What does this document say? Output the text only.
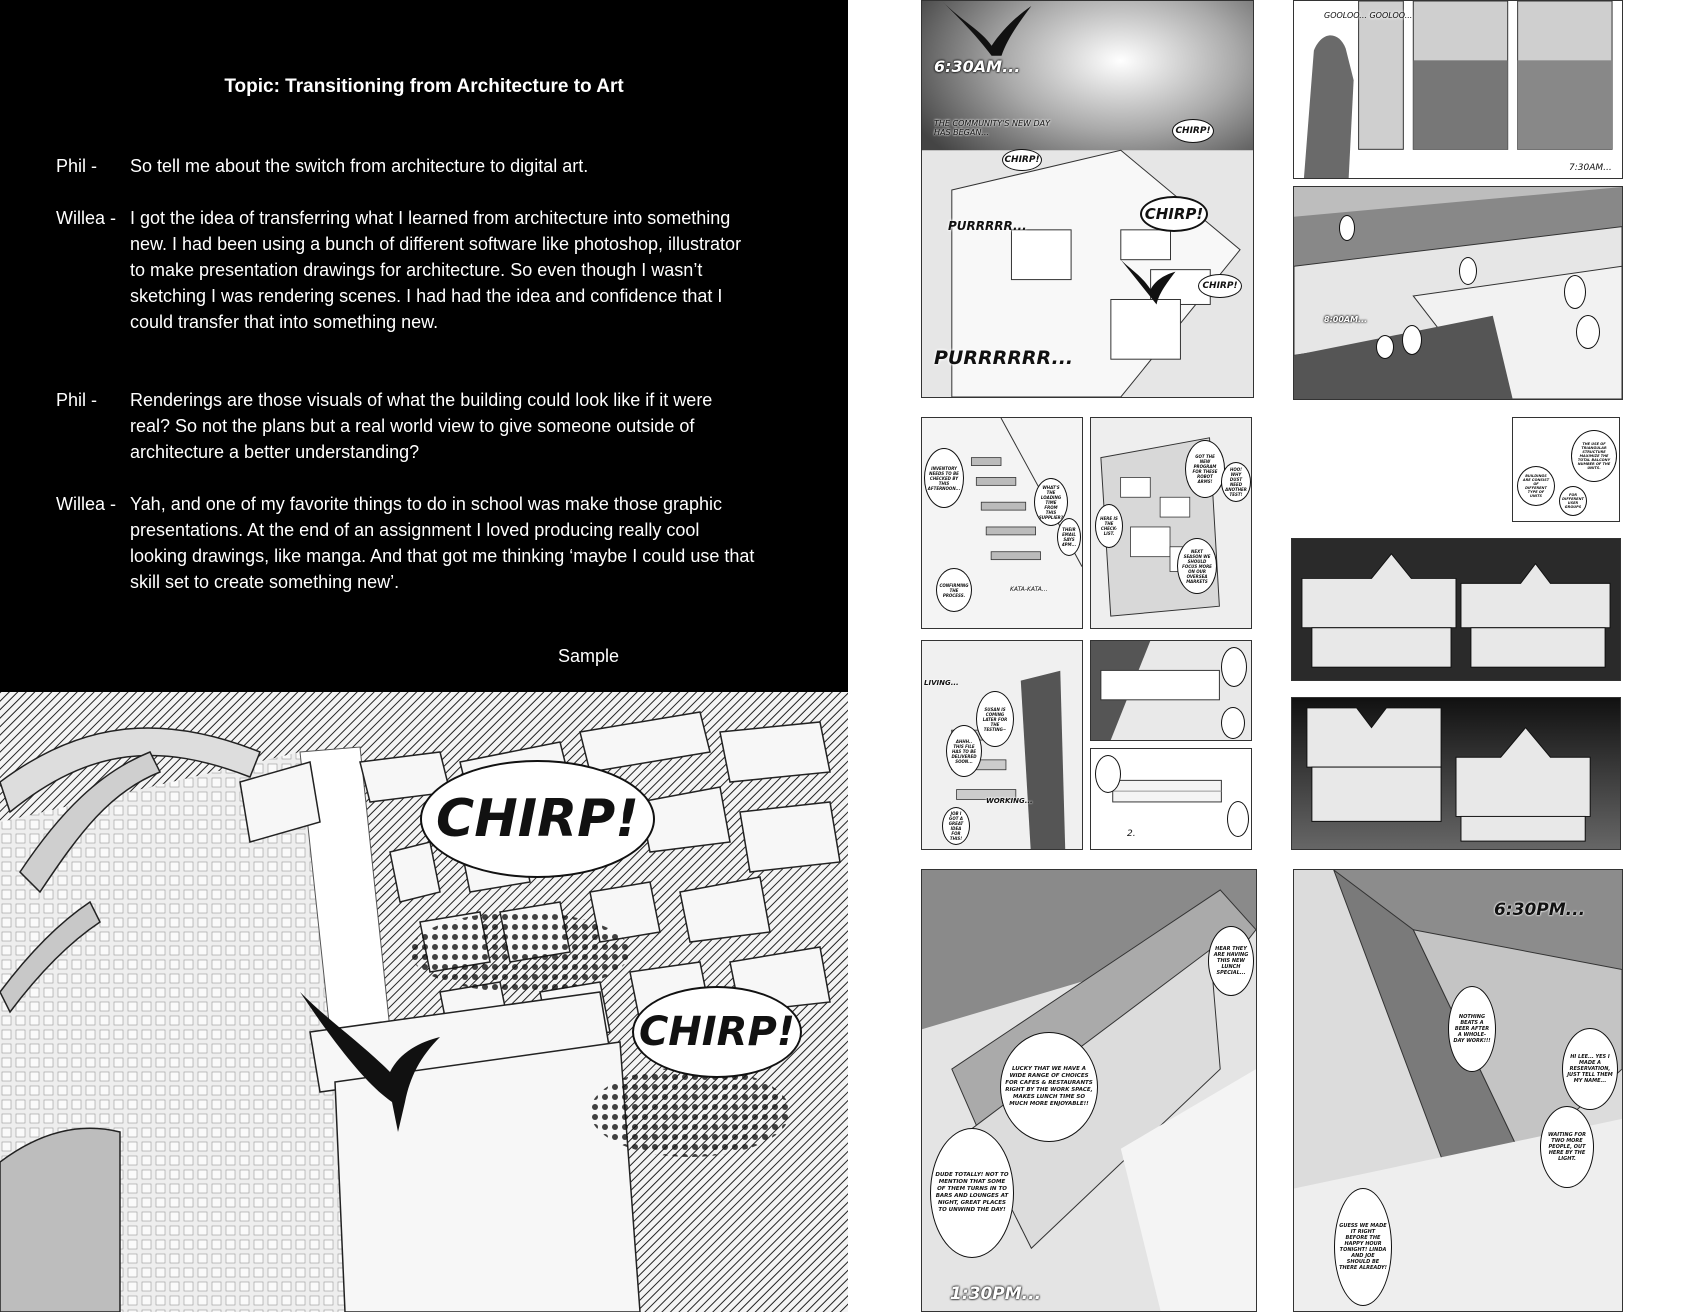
Topic: Transitioning from Architecture to Art
Phil -	So tell me about the switch from architecture to digital art.
Willea - I got the idea of transferring what I learned from architecture into something new. I had been using a bunch of different software like photoshop, illustrator to make presentation drawings for architecture. So even though I wasn’t sketching I was rendering scenes. I had had the idea and confidence that I could transfer that into something new.
Phil -	Renderings are those visuals of what the building could look like if it were real? So not the plans but a real world view to give someone outside of architecture a better understanding?
Willea - Yah, and one of my favorite things to do in school was make those graphic presentations. At the end of an assignment I loved producing really cool looking drawings, like manga. And that got me thinking ‘maybe I could use that skill set to create something new’.
Sample
CHIRP!
CHIRP!
6:30AM...
THE COMMUNITY'S NEW DAY HAS BEGAN...
CHIRP!
CHIRP!
CHIRP!
CHIRP!
PURRRRR...
PURRRRRR...
GOOLOO... GOOLOO...
7:30AM...
8:00AM...
INVENTORY NEEDS TO BE CHECKED BY THIS AFTERNOON...	WHAT'S THE LOADING TIME FROM THIS SUPPLIER?
THEIR EMAIL SAYS 4PM...
CONFIRMING THE PROCESS.
KATA-KATA...
GOT THE NEW PROGRAM FOR THESE ROBOT ARMS!
HOO! WHY DUST NEED ANOTHER TEST!
HERE IS THE CHECK-LIST.
NEXT SEASON WE SHOULD FOCUS MORE ON OUR OVERSEA MARKETS
THE USE OF TRIANGULAR STRUCTURE MAXIMIZE THE TOTAL BALCONY NUMBER OF THE UNITS.
BUILDINGS ARE CONSIST OF DIFFERENT TYPE OF UNITS	FOR DIFFERENT USER GROUPS
LIVING...
SUSAN IS COMING LATER FOR THE TESTING~
AHHH.. THIS FILE HAS TO BE DELIVERED SOON...
JOB I GOT A GREAT IDEA FOR THIS!
WORKING...
2.
HEAR THEY ARE HAVING THIS NEW LUNCH SPECIAL...
LUCKY THAT WE HAVE A WIDE RANGE OF CHOICES FOR CAFES & RESTAURANTS RIGHT BY THE WORK SPACE, MAKES LUNCH TIME SO MUCH MORE ENJOYABLE!!
DUDE TOTALLY! NOT TO MENTION THAT SOME OF THEM TURNS IN TO BARS AND LOUNGES AT NIGHT, GREAT PLACES TO UNWIND THE DAY!
1:30PM...
6:30PM...
NOTHING BEATS A BEER AFTER A WHOLE-DAY WORK!!!
HI LEE... YES I MADE A RESERVATION, JUST TELL THEM MY NAME...
WAITING FOR TWO MORE PEOPLE, OUT HERE BY THE LIGHT.
GUESS WE MADE IT RIGHT BEFORE THE HAPPY HOUR TONIGHT! LINDA AND JOE SHOULD BE THERE ALREADY!
